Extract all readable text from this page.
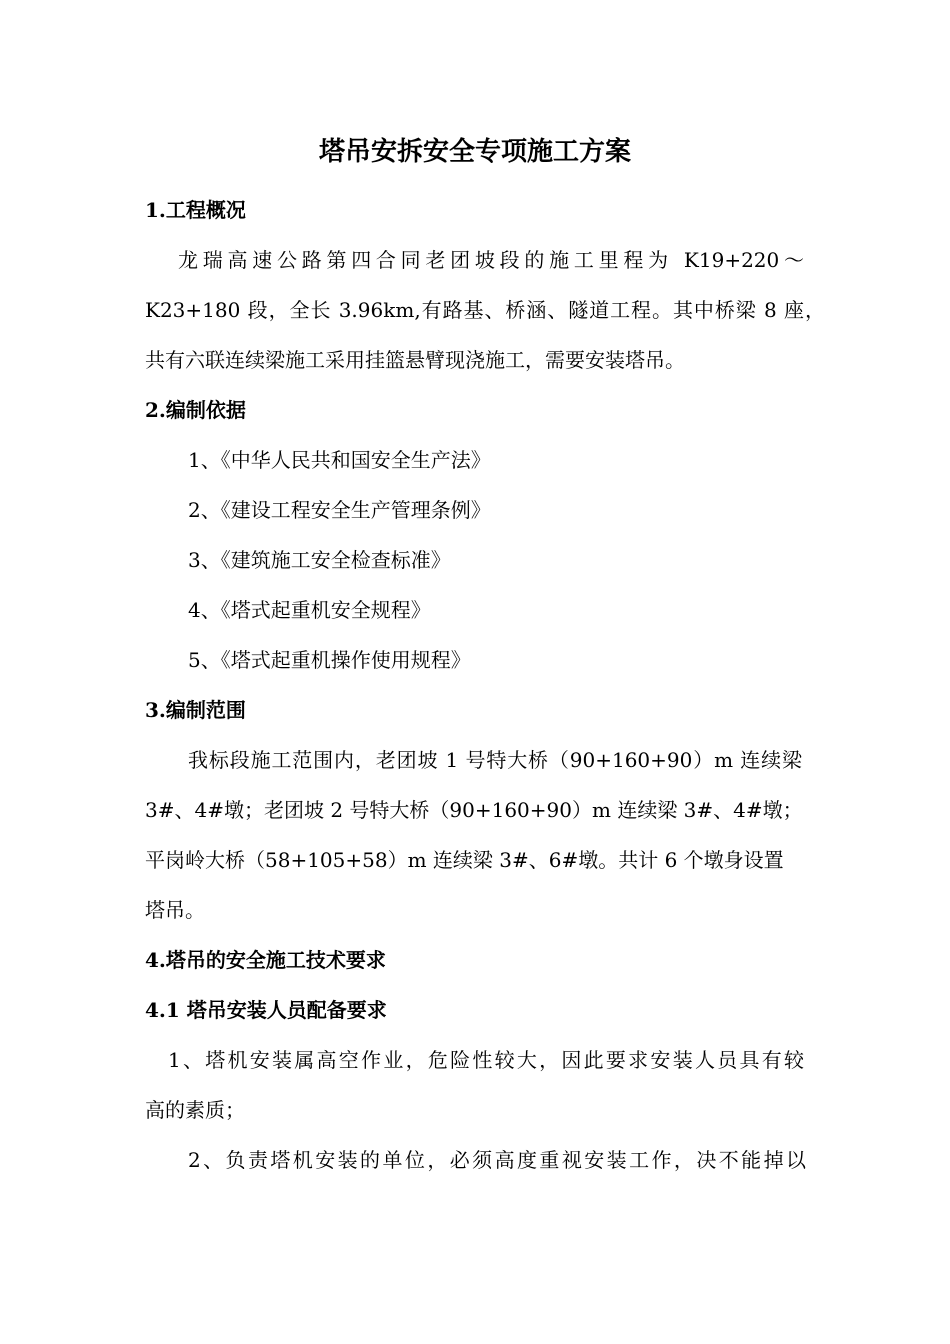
塔吊安拆安全专项施工方案
1.工程概况
龙瑞高速公路第四合同老团坡段的施工里程为 K19+220～
K23+180 段，全长 3.96km,有路基、桥涵、隧道工程。其中桥梁 8 座，
共有六联连续梁施工采用挂篮悬臂现浇施工，需要安装塔吊。
2.编制依据
1、《中华人民共和国安全生产法》
2、《建设工程安全生产管理条例》
3、《建筑施工安全检查标准》
4、《塔式起重机安全规程》
5、《塔式起重机操作使用规程》
3.编制范围
我标段施工范围内，老团坡 1 号特大桥（90+160+90）m 连续梁
3#、4#墩；老团坡 2 号特大桥（90+160+90）m 连续梁 3#、4#墩；
平岗岭大桥（58+105+58）m 连续梁 3#、6#墩。共计 6 个墩身设置
塔吊。
4.塔吊的安全施工技术要求
4.1 塔吊安装人员配备要求
1、塔机安装属高空作业，危险性较大，因此要求安装人员具有较
高的素质；
2、负责塔机安装的单位，必须高度重视安装工作，决不能掉以
